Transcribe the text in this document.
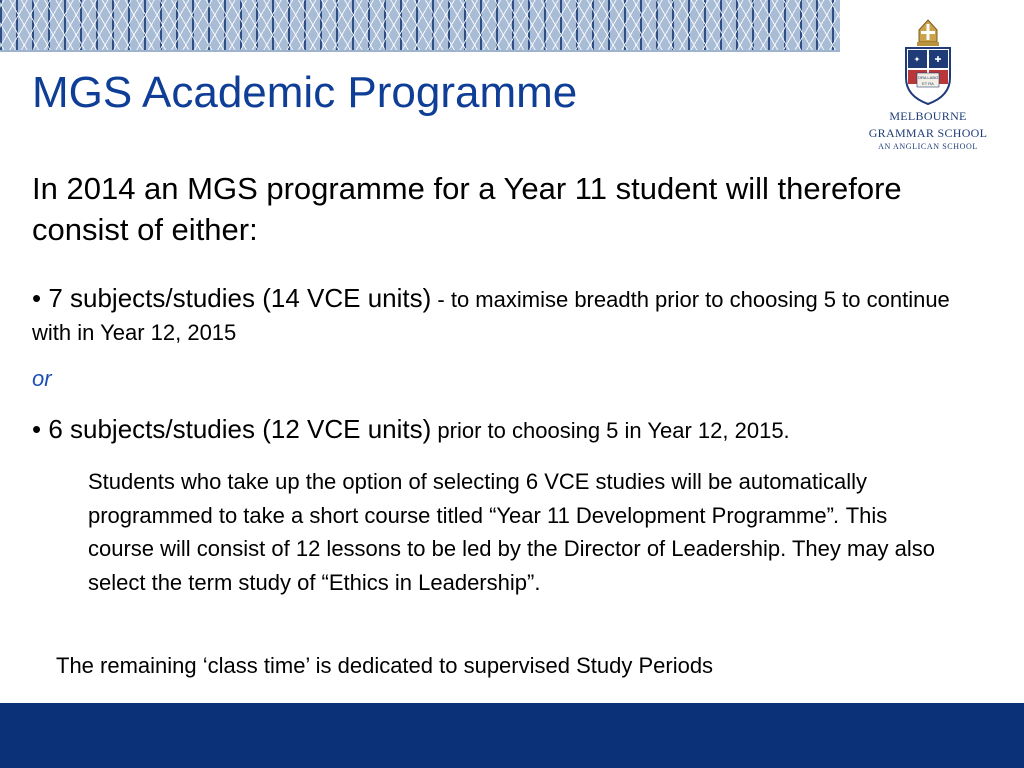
✦ ✚
ORA LABO
ET RA
MELBOURNE
GRAMMAR SCHOOL
AN ANGLICAN SCHOOL
MGS Academic Programme

In 2014 an MGS programme for a Year 11 student will therefore consist of either:

• 7 subjects/studies (14 VCE units) - to maximise breadth prior to choosing 5 to continue with in Year 12, 2015

or

• 6 subjects/studies (12 VCE units) prior to choosing 5 in Year 12, 2015.

Students who take up the option of selecting 6 VCE studies will be automatically programmed to take a short course titled “Year 11 Development Programme”. This course will consist of 12 lessons to be led by the Director of Leadership. They may also select the term study of “Ethics in Leadership”.

The remaining ‘class time’ is dedicated to supervised Study Periods
